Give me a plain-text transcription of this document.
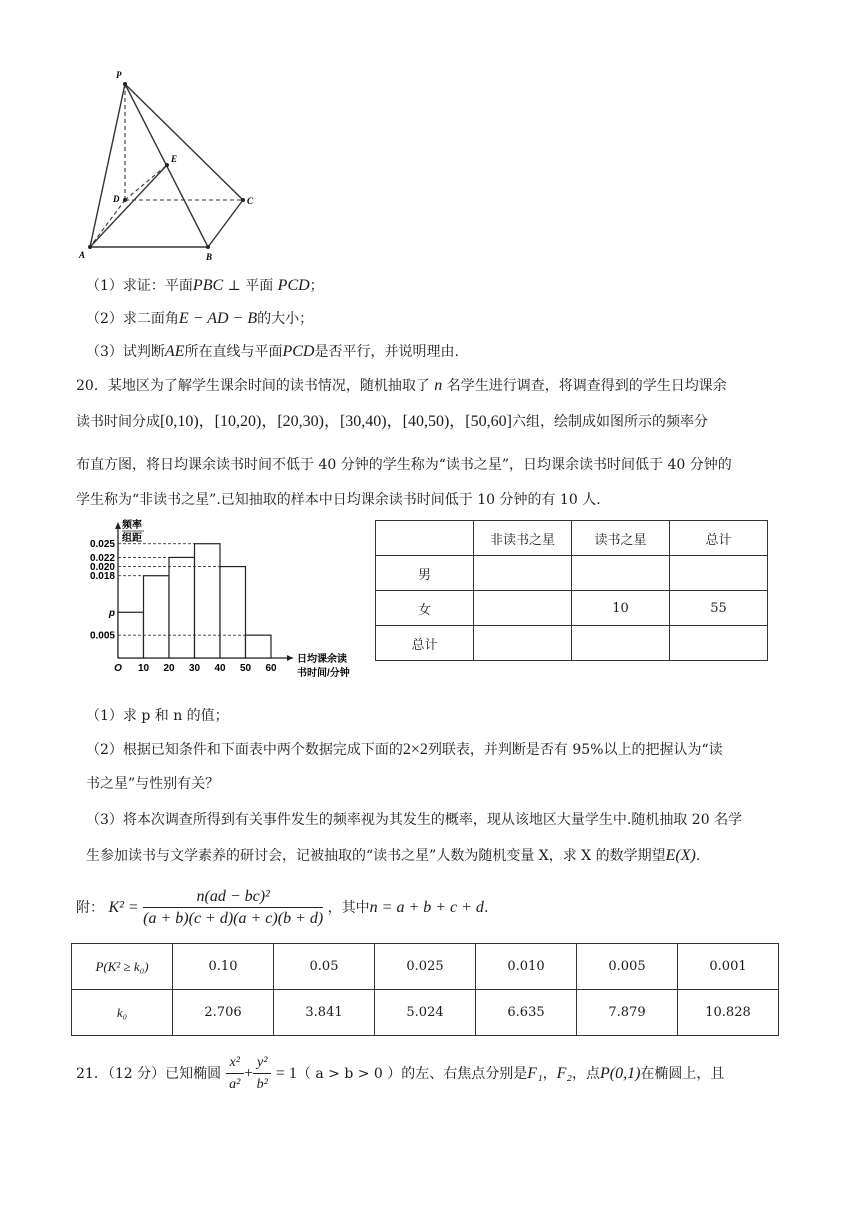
P
E
D	C
A	B
（1）求证：平面PBC ⊥ 平面 PCD；
（2）求二面角E − AD − B的大小；
（3）试判断AE所在直线与平面PCD是否平行，并说明理由.
20．某地区为了解学生课余时间的读书情况，随机抽取了 n 名学生进行调查，将调查得到的学生日均课余
读书时间分成[0,10)，[10,20)，[20,30)，[30,40)，[40,50)，[50,60]六组，绘制成如图所示的频率分
布直方图，将日均课余读书时间不低于 40 分钟的学生称为“读书之星”，日均课余读书时间低于 40 分钟的
学生称为“非读书之星”.已知抽取的样本中日均课余读书时间低于 10 分钟的有 10 人.
0.025
0.022
0.020
0.018
p
0.005
O 10 20 30 40 50 60
频率
组距
日均课余读
书时间/分钟
	非读书之星	读书之星	总计
男			
女		10	55
总计			
（1）求 p 和 n 的值；
（2）根据已知条件和下面表中两个数据完成下面的2×2列联表，并判断是否有 95%以上的把握认为“读
书之星”与性别有关？
（3）将本次调查所得到有关事件发生的频率视为其发生的概率，现从该地区大量学生中.随机抽取 20 名学
生参加读书与文学素养的研讨会，记被抽取的“读书之星”人数为随机变量 X，求 X 的数学期望E(X).
附： $K^2 = \frac{\text{n(ad − bc)²}}{(a + b)(c + d)(a + c)(b + d)}$ ，其中n = a + b + c + d.
P(K² ≥ k₀)	0.10	0.05	0.025	0.010	0.005	0.001
k₀	2.706	3.841	5.024	6.635	7.879	10.828
21．（12 分）已知椭圆 $\frac{\text{x²}}{\text{a²}} + \frac{\text{y²}}{\text{b²}} = 1$（ a > b > 0 ）的左、右焦点分别是F₁，F₂，点P(0,1)在椭圆上，且
